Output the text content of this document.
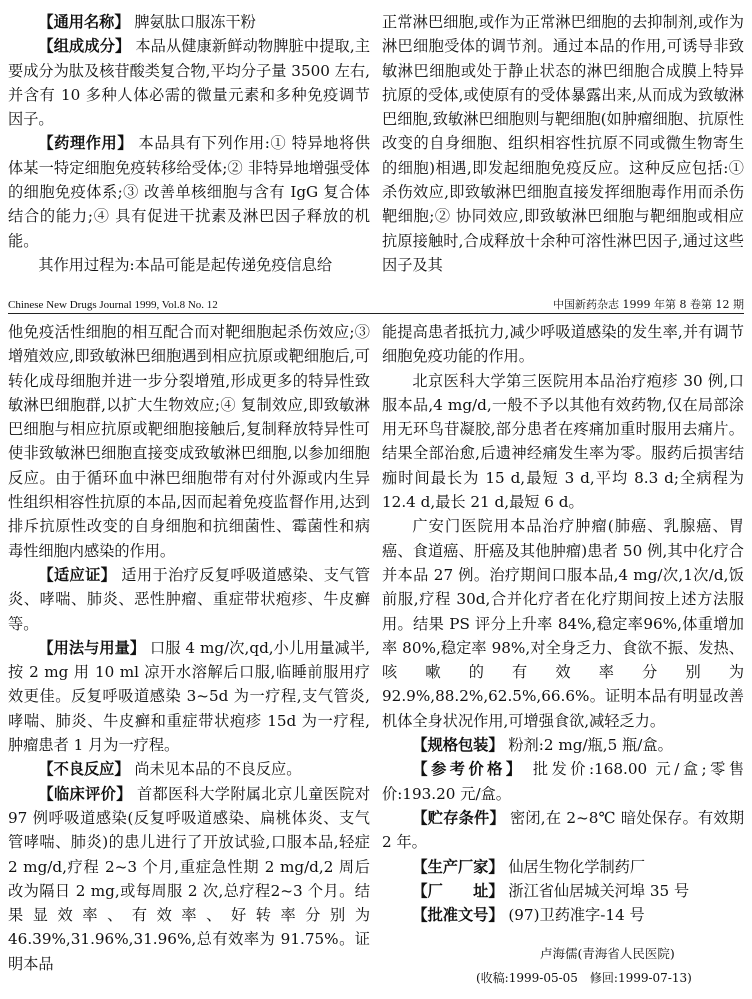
【通用名称】 脾氨肽口服冻干粉

【组成成分】 本品从健康新鲜动物脾脏中提取,主要成分为肽及核苷酸类复合物,平均分子量 3500 左右,并含有 10 多种人体必需的微量元素和多种免疫调节因子。

【药理作用】 本品具有下列作用:① 特异地将供体某一特定细胞免疫转移给受体;② 非特异地增强受体的细胞免疫体系;③ 改善单核细胞与含有 IgG 复合体结合的能力;④ 具有促进干扰素及淋巴因子释放的机能。

其作用过程为:本品可能是起传递免疫信息给

正常淋巴细胞,或作为正常淋巴细胞的去抑制剂,或作为淋巴细胞受体的调节剂。通过本品的作用,可诱导非致敏淋巴细胞或处于静止状态的淋巴细胞合成膜上特异抗原的受体,或使原有的受体暴露出来,从而成为致敏淋巴细胞,致敏淋巴细胞则与靶细胞(如肿瘤细胞、抗原性改变的自身细胞、组织相容性抗原不同或微生物寄生的细胞)相遇,即发起细胞免疫反应。这种反应包括:① 杀伤效应,即致敏淋巴细胞直接发挥细胞毒作用而杀伤靶细胞;② 协同效应,即致敏淋巴细胞与靶细胞或相应抗原接触时,合成释放十余种可溶性淋巴因子,通过这些因子及其

Chinese New Drugs Journal 1999, Vol.8 No. 12	中国新药杂志 1999 年第 8 卷第 12 期

他免疫活性细胞的相互配合而对靶细胞起杀伤效应;③ 增殖效应,即致敏淋巴细胞遇到相应抗原或靶细胞后,可转化成母细胞并进一步分裂增殖,形成更多的特异性致敏淋巴细胞群,以扩大生物效应;④ 复制效应,即致敏淋巴细胞与相应抗原或靶细胞接触后,复制释放特异性可使非致敏淋巴细胞直接变成致敏淋巴细胞,以参加细胞反应。由于循环血中淋巴细胞带有对付外源或内生异性组织相容性抗原的本品,因而起着免疫监督作用,达到排斥抗原性改变的自身细胞和抗细菌性、霉菌性和病毒性细胞内感染的作用。

【适应证】 适用于治疗反复呼吸道感染、支气管炎、哮喘、肺炎、恶性肿瘤、重症带状疱疹、牛皮癣等。

【用法与用量】 口服 4 mg/次,qd,小儿用量减半,按 2 mg 用 10 ml 凉开水溶解后口服,临睡前服用疗效更佳。反复呼吸道感染 3~5d 为一疗程,支气管炎,哮喘、肺炎、牛皮癣和重症带状疱疹 15d 为一疗程,肿瘤患者 1 月为一疗程。

【不良反应】 尚未见本品的不良反应。

【临床评价】 首都医科大学附属北京儿童医院对 97 例呼吸道感染(反复呼吸道感染、扁桃体炎、支气管哮喘、肺炎)的患儿进行了开放试验,口服本品,轻症 2 mg/d,疗程 2~3 个月,重症急性期 2 mg/d,2 周后改为隔日 2 mg,或每周服 2 次,总疗程2~3 个月。结果显效率、有效率、好转率分别为46.39%,31.96%,31.96%,总有效率为 91.75%。证明本品

能提高患者抵抗力,减少呼吸道感染的发生率,并有调节细胞免疫功能的作用。

北京医科大学第三医院用本品治疗疱疹 30 例,口服本品,4 mg/d,一般不予以其他有效药物,仅在局部涂用无环鸟苷凝胶,部分患者在疼痛加重时服用去痛片。结果全部治愈,后遗神经痛发生率为零。服药后损害结痂时间最长为 15 d,最短 3 d,平均 8.3 d;全病程为 12.4 d,最长 21 d,最短 6 d。

广安门医院用本品治疗肿瘤(肺癌、乳腺癌、胃癌、食道癌、肝癌及其他肿瘤)患者 50 例,其中化疗合并本品 27 例。治疗期间口服本品,4 mg/次,1次/d,饭前服,疗程 30d,合并化疗者在化疗期间按上述方法服用。结果 PS 评分上升率 84%,稳定率96%,体重增加率 80%,稳定率 98%,对全身乏力、食欲不振、发热、咳嗽的有效率分别为 92.9%,88.2%,62.5%,66.6%。证明本品有明显改善机体全身状况作用,可增强食欲,减轻乏力。

【规格包装】 粉剂:2 mg/瓶,5 瓶/盒。

【参考价格】 批发价:168.00 元/盒;零售价:193.20 元/盒。

【贮存条件】 密闭,在 2~8℃ 暗处保存。有效期 2 年。

【生产厂家】 仙居生物化学制药厂

【厂　　址】 浙江省仙居城关河埠 35 号

【批准文号】 (97)卫药准字-14 号

卢海儒(青海省人民医院)
(收稿:1999-05-05　修回:1999-07-13)
